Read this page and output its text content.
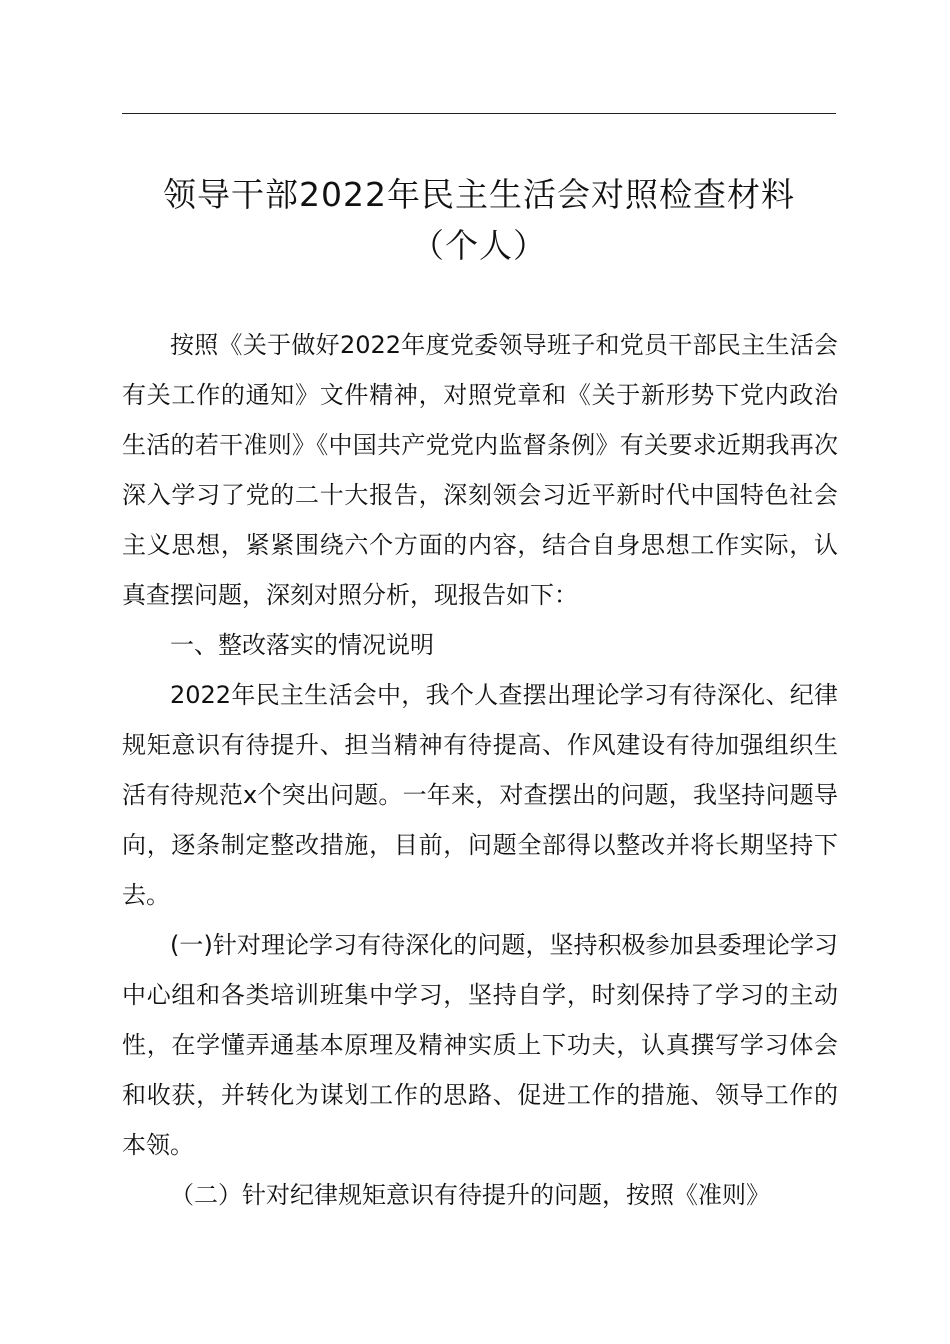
领导干部2022年民主生活会对照检查材料
（个人）

按照《关于做好2022年度党委领导班子和党员干部民主生活会有关工作的通知》文件精神，对照党章和《关于新形势下党内政治生活的若干准则》《中国共产党党内监督条例》有关要求近期我再次深入学习了党的二十大报告，深刻领会习近平新时代中国特色社会主义思想，紧紧围绕六个方面的内容，结合自身思想工作实际，认真查摆问题，深刻对照分析，现报告如下：

一、整改落实的情况说明

2022年民主生活会中，我个人查摆出理论学习有待深化、纪律规矩意识有待提升、担当精神有待提高、作风建设有待加强组织生活有待规范x个突出问题。一年来，对查摆出的问题，我坚持问题导向，逐条制定整改措施，目前，问题全部得以整改并将长期坚持下去。

(一)针对理论学习有待深化的问题，坚持积极参加县委理论学习中心组和各类培训班集中学习，坚持自学，时刻保持了学习的主动性，在学懂弄通基本原理及精神实质上下功夫，认真撰写学习体会和收获，并转化为谋划工作的思路、促进工作的措施、领导工作的本领。

（二）针对纪律规矩意识有待提升的问题，按照《准则》
